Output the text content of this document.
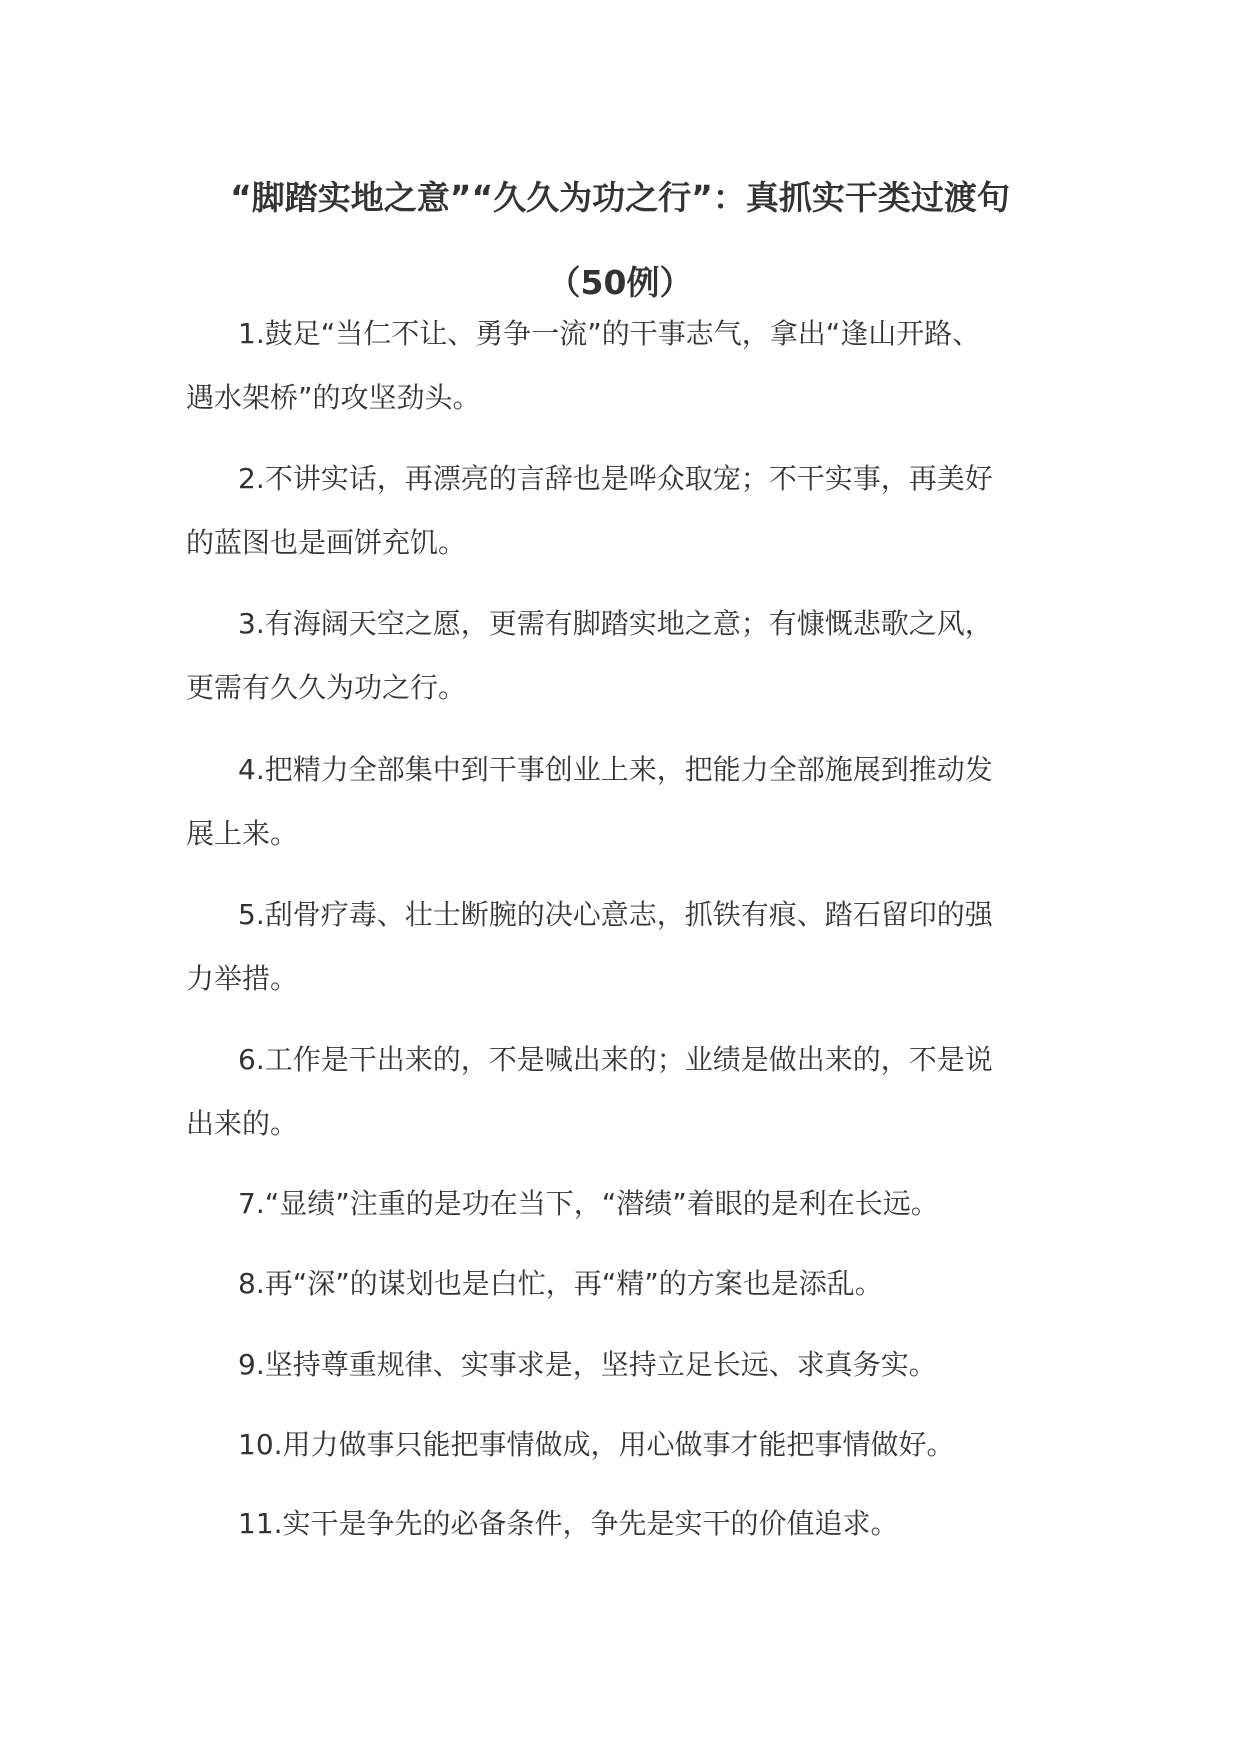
“脚踏实地之意”“久久为功之行”：真抓实干类过渡句
（50例）
1.鼓足“当仁不让、勇争一流”的干事志气，拿出“逢山开路、
遇水架桥”的攻坚劲头。
2.不讲实话，再漂亮的言辞也是哗众取宠；不干实事，再美好
的蓝图也是画饼充饥。
3.有海阔天空之愿，更需有脚踏实地之意；有慷慨悲歌之风，
更需有久久为功之行。
4.把精力全部集中到干事创业上来，把能力全部施展到推动发
展上来。
5.刮骨疗毒、壮士断腕的决心意志，抓铁有痕、踏石留印的强
力举措。
6.工作是干出来的，不是喊出来的；业绩是做出来的，不是说
出来的。
7.“显绩”注重的是功在当下，“潜绩”着眼的是利在长远。
8.再“深”的谋划也是白忙，再“精”的方案也是添乱。
9.坚持尊重规律、实事求是，坚持立足长远、求真务实。
10.用力做事只能把事情做成，用心做事才能把事情做好。
11.实干是争先的必备条件，争先是实干的价值追求。
